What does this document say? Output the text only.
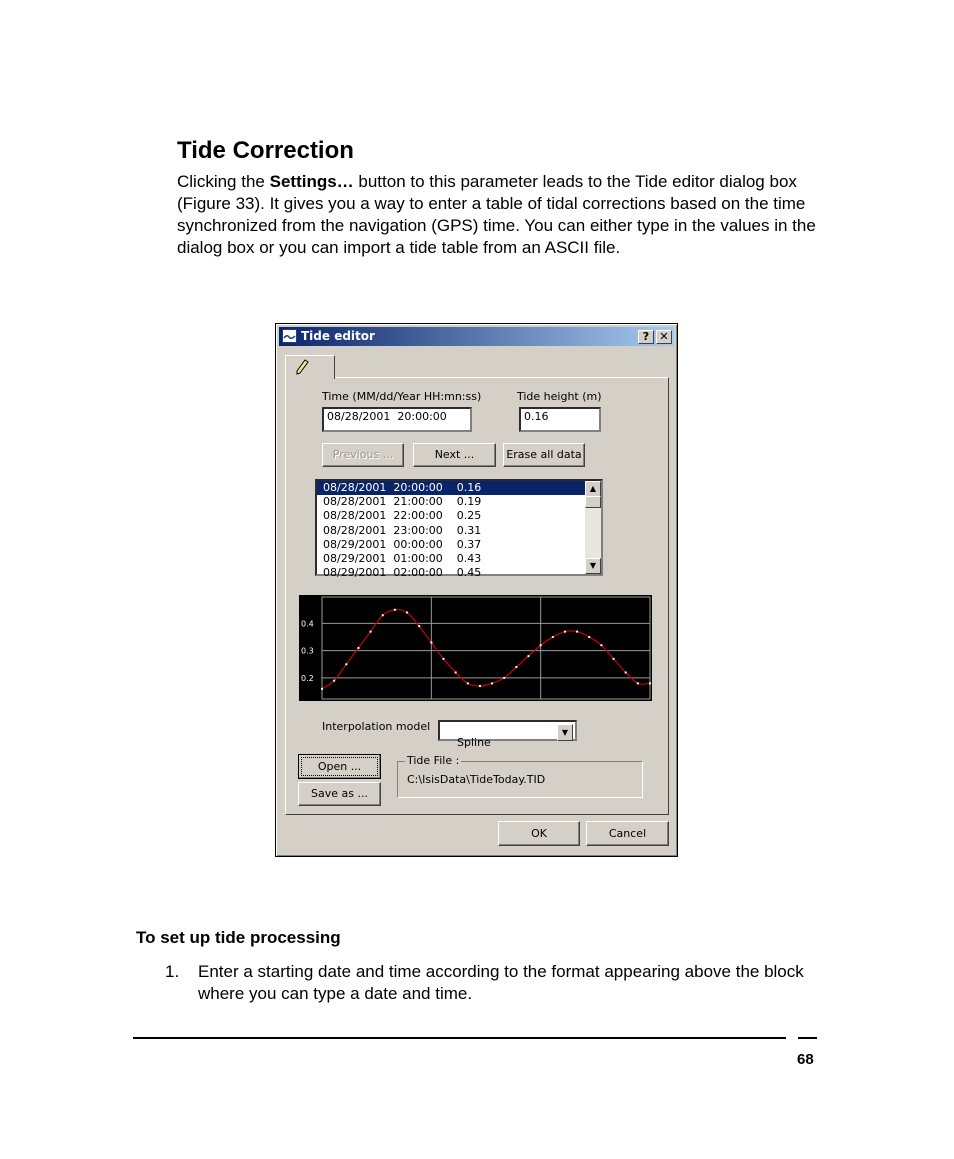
Tide Correction
Clicking the Settings… button to this parameter leads to the Tide editor dialog box (Figure 33). It gives you a way to enter a table of tidal corrections based on the time synchronized from the navigation (GPS) time. You can either type in the values in the dialog box or you can import a tide table from an ASCII file.
Tide editor	? ✕
Time (MM/dd/Year HH:mn:ss)
08/28/2001  20:00:00
Tide height (m)
0.16
Previous ...	Next ...	Erase all data
08/28/2001  20:00:00    0.16
08/28/2001  21:00:00    0.19
08/28/2001  22:00:00    0.25
08/28/2001  23:00:00    0.31
08/29/2001  00:00:00    0.37
08/29/2001  01:00:00    0.43
08/29/2001  02:00:00    0.45
▲
▼
0.4
0.3
0.2
Interpolation model

Spline

▼

Open ...
Save as ...
Tide File :
C:\IsisData\TideToday.TID
OK	Cancel
To set up tide processing
1. Enter a starting date and time according to the format appearing above the block where you can type a date and time.
68
